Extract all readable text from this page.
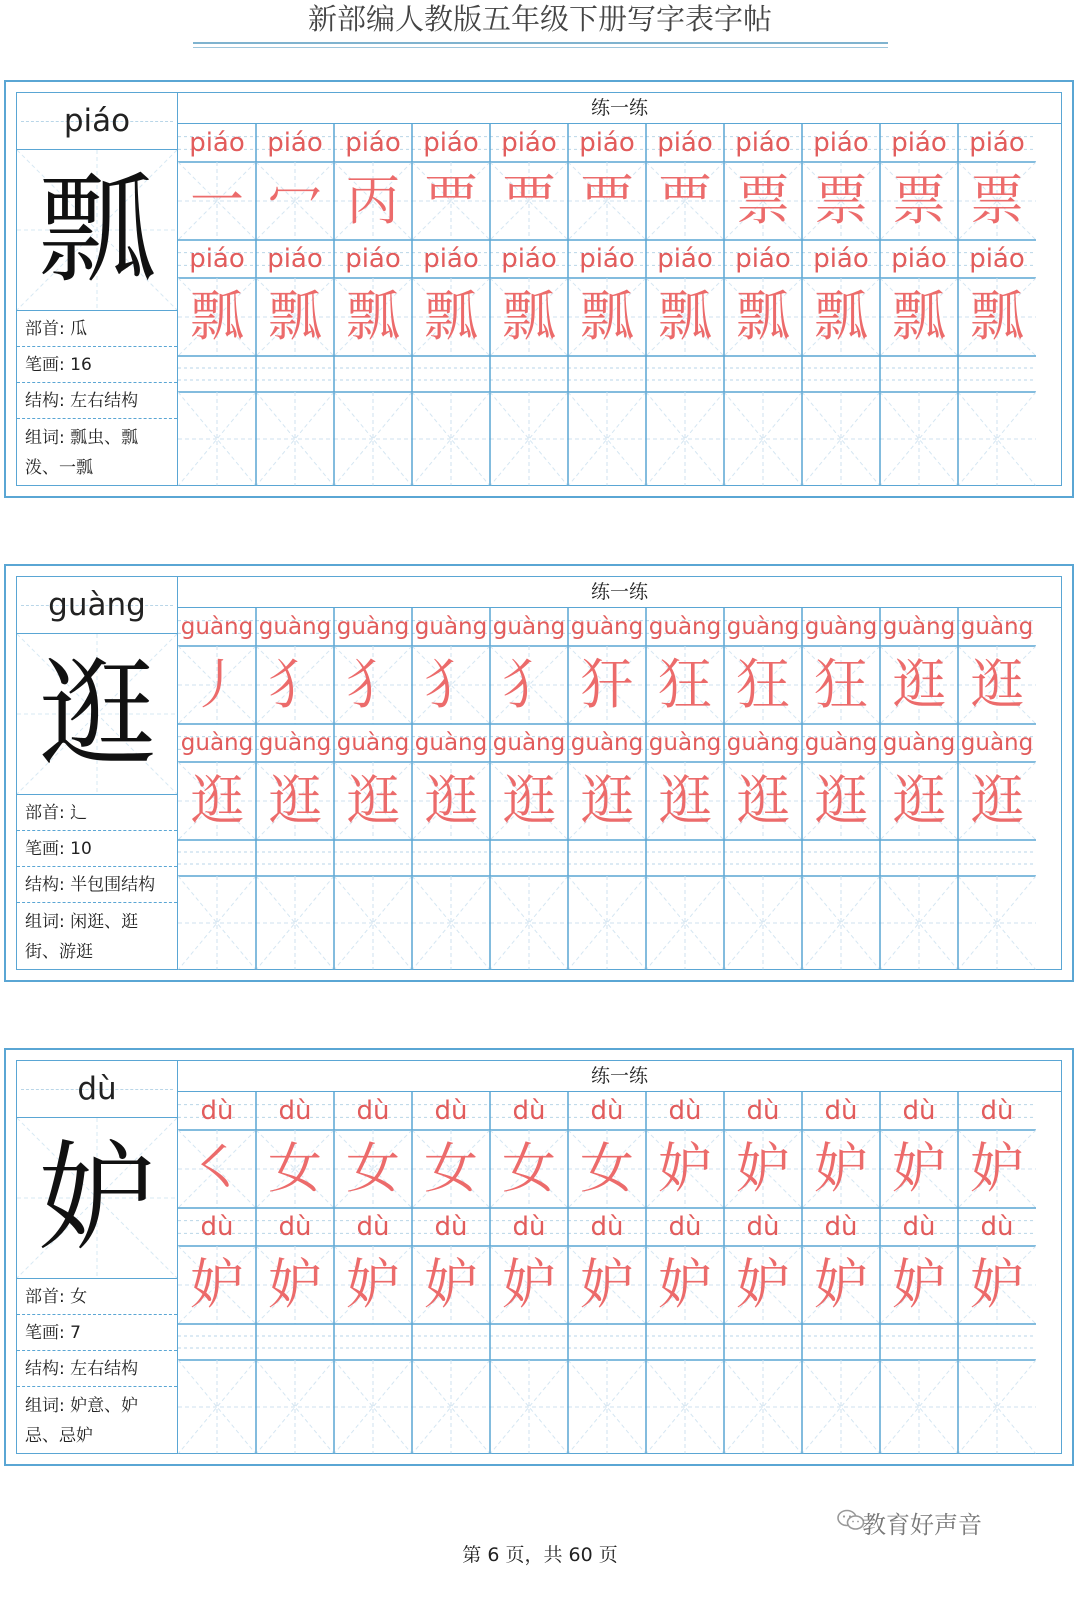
新部编人教版五年级下册写字表字帖
piáo
瓢
部首: 瓜
笔画: 16
结构: 左右结构
组词: 瓢虫、瓢
泼、一瓢
练一练
piáo piáo piáo piáo piáo piáo piáo piáo piáo piáo piáo
一 冖 丙 覀 覀 覀 覀 票 票 票 票
piáo piáo piáo piáo piáo piáo piáo piáo piáo piáo piáo
瓢 瓢 瓢 瓢 瓢 瓢 瓢 瓢 瓢 瓢 瓢
guàng
逛
部首: 辶
笔画: 10
结构: 半包围结构
组词: 闲逛、逛
街、游逛
练一练
guàng guàng guàng guàng guàng guàng guàng guàng guàng guàng guàng
丿 犭 犭 犭 犭 犴 狂 狂 狂 逛 逛
guàng guàng guàng guàng guàng guàng guàng guàng guàng guàng guàng
逛 逛 逛 逛 逛 逛 逛 逛 逛 逛 逛
dù
妒
部首: 女
笔画: 7
结构: 左右结构
组词: 妒意、妒
忌、忌妒
练一练
dù	dù	dù	dù	dù	dù	dù	dù	dù	dù	dù
㇛ 女 女 女 女 女 妒 妒 妒 妒 妒
dù	dù	dù	dù	dù	dù	dù	dù	dù	dù	dù
妒 妒 妒 妒 妒 妒 妒 妒 妒 妒 妒
第 6 页，共 60 页
教育好声音
